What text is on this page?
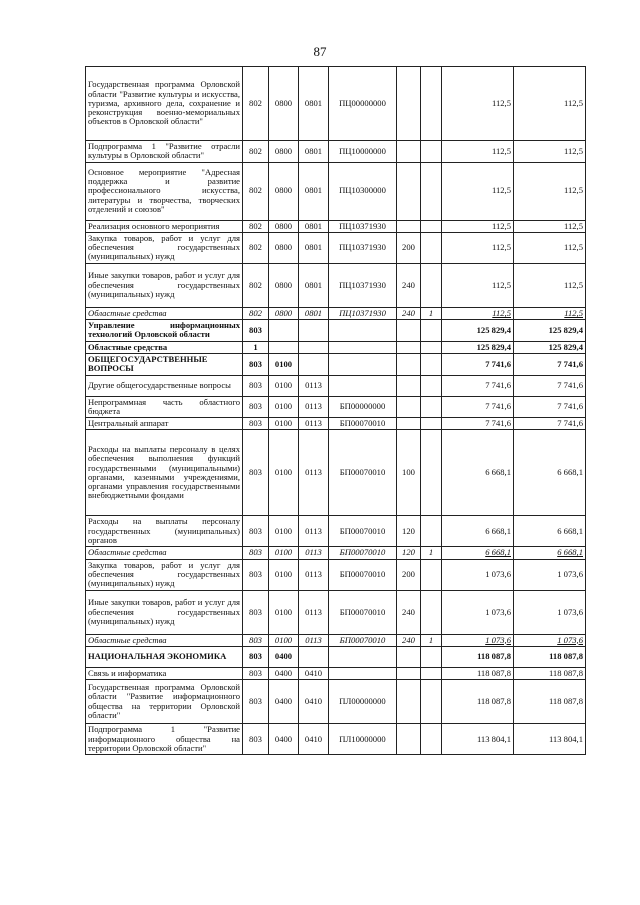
87
Государственная программа Орловской области "Развитие культуры и искусства, туризма, архивного дела, сохранение и реконструкция военно-мемориальных объектов в Орловской области"	802	0800	0801	ПЦ00000000			112,5	112,5
Подпрограмма 1 "Развитие отрасли культуры в Орловской области"	802	0800	0801	ПЦ10000000			112,5	112,5
Основное мероприятие "Адресная поддержка и развитие профессионального искусства, литературы и творчества, творческих отделений и союзов"	802	0800	0801	ПЦ10300000			112,5	112,5
Реализация основного мероприятия	802	0800	0801	ПЦ10371930			112,5	112,5
Закупка товаров, работ и услуг для обеспечения государственных (муниципальных) нужд	802	0800	0801	ПЦ10371930	200		112,5	112,5
Иные закупки товаров, работ и услуг для обеспечения государственных (муниципальных) нужд	802	0800	0801	ПЦ10371930	240		112,5	112,5
Областные средства	802	0800	0801	ПЦ10371930	240	1	112,5	112,5
Управление информационных технологий Орловской области	803						125 829,4	125 829,4
Областные средства	1						125 829,4	125 829,4
ОБЩЕГОСУДАРСТВЕННЫЕ ВОПРОСЫ	803	0100					7 741,6	7 741,6
Другие общегосударственные вопросы	803	0100	0113				7 741,6	7 741,6
Непрограммная часть областного бюджета	803	0100	0113	БП00000000			7 741,6	7 741,6
Центральный аппарат	803	0100	0113	БП00070010			7 741,6	7 741,6
Расходы на выплаты персоналу в целях обеспечения выполнения функций государственными (муниципальными) органами, казенными учреждениями, органами управления государственными внебюджетными фондами	803	0100	0113	БП00070010	100		6 668,1	6 668,1
Расходы на выплаты персоналу государственных (муниципальных) органов	803	0100	0113	БП00070010	120		6 668,1	6 668,1
Областные средства	803	0100	0113	БП00070010	120	1	6 668,1	6 668,1
Закупка товаров, работ и услуг для обеспечения государственных (муниципальных) нужд	803	0100	0113	БП00070010	200		1 073,6	1 073,6
Иные закупки товаров, работ и услуг для обеспечения государственных (муниципальных) нужд	803	0100	0113	БП00070010	240		1 073,6	1 073,6
Областные средства	803	0100	0113	БП00070010	240	1	1 073,6	1 073,6
НАЦИОНАЛЬНАЯ ЭКОНОМИКА	803	0400					118 087,8	118 087,8
Связь и информатика	803	0400	0410				118 087,8	118 087,8
Государственная программа Орловской области "Развитие информационного общества на территории Орловской области"	803	0400	0410	ПЛ00000000			118 087,8	118 087,8
Подпрограмма 1 "Развитие информационного общества на территории Орловской области"	803	0400	0410	ПЛ10000000			113 804,1	113 804,1
